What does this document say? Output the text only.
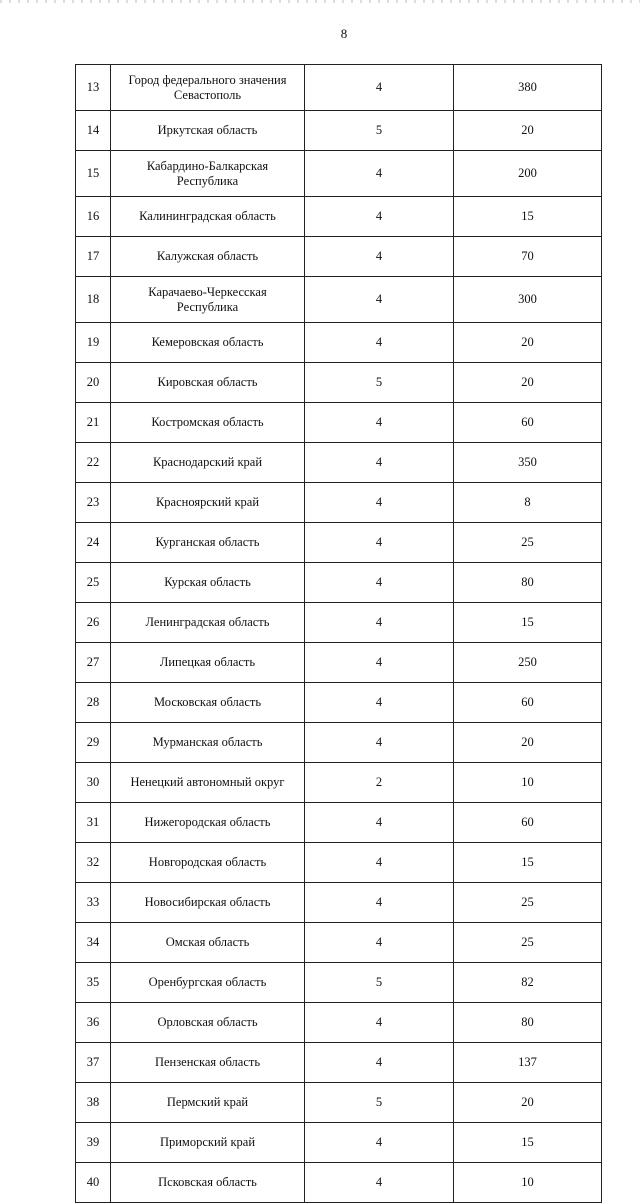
8
13	Город федерального значения
Севастополь	4	380
14	Иркутская область	5	20
15	Кабардино-Балкарская
Республика	4	200
16	Калининградская область	4	15
17	Калужская область	4	70
18	Карачаево-Черкесская
Республика	4	300
19	Кемеровская область	4	20
20	Кировская область	5	20
21	Костромская область	4	60
22	Краснодарский край	4	350
23	Красноярский край	4	8
24	Курганская область	4	25
25	Курская область	4	80
26	Ленинградская область	4	15
27	Липецкая область	4	250
28	Московская область	4	60
29	Мурманская область	4	20
30	Ненецкий автономный округ	2	10
31	Нижегородская область	4	60
32	Новгородская область	4	15
33	Новосибирская область	4	25
34	Омская область	4	25
35	Оренбургская область	5	82
36	Орловская область	4	80
37	Пензенская область	4	137
38	Пермский край	5	20
39	Приморский край	4	15
40	Псковская область	4	10
